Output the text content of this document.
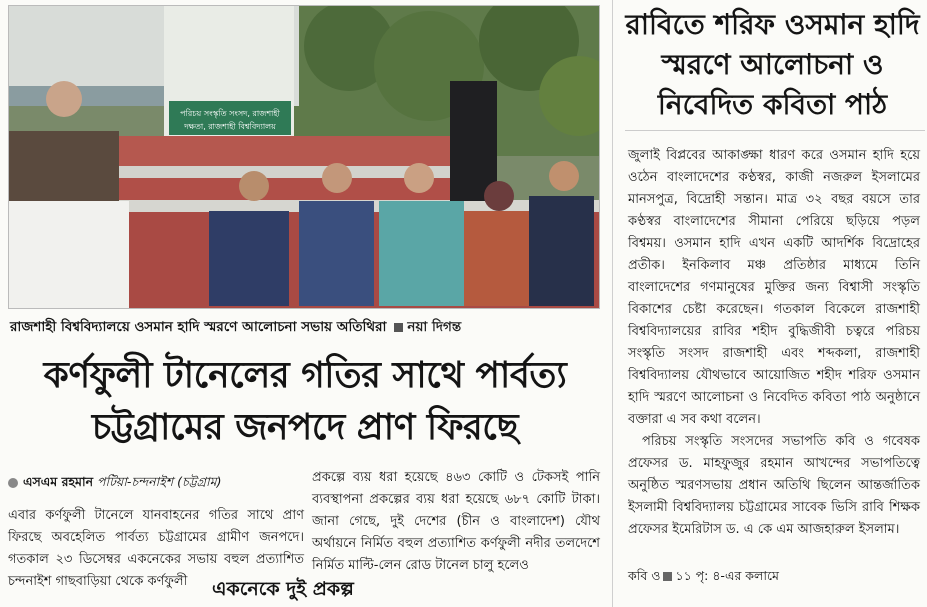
পরিচয় সংস্কৃতি সংসদ, রাজশাহী
দক্ষতা, রাজশাহী বিশ্ববিদ্যালয়
রাজশাহী বিশ্ববিদ্যালয়ে ওসমান হাদি স্মরণে আলোচনা সভায় অতিথিরা নয়া দিগন্ত
কর্ণফুলী টানেলের গতির সাথে পার্বত্য
চট্টগ্রামের জনপদে প্রাণ ফিরছে
এসএম রহমান পটিয়া-চন্দনাইশ (চট্টগ্রাম)
এবার কর্ণফুলী টানেলে যানবাহনের গতির সাথে প্রাণ ফিরছে অবহেলিত পার্বত্য চট্টগ্রামের গ্রামীণ জনপদে। গতকাল ২৩ ডিসেম্বর একনেকের সভায় বহুল প্রত্যাশিত চন্দনাইশ গাছবাড়িয়া থেকে কর্ণফুলী	একনেকে দুই প্রকল্প
প্রকল্পে ব্যয় ধরা হয়েছে ৪৬৩ কোটি ও টেকসই পানি ব্যবস্থাপনা প্রকল্পের ব্যয় ধরা হয়েছে ৬৮৭ কোটি টাকা। জানা গেছে, দুই দেশের (চীন ও বাংলাদেশ) যৌথ অর্থায়নে নির্মিত বহুল প্রত্যাশিত কর্ণফুলী নদীর তলদেশে নির্মিত মাল্টি-লেন রোড টানেল চালু হলেও
রাবিতে শরিফ ওসমান হাদি স্মরণে আলোচনা ও নিবেদিত কবিতা পাঠ

জুলাই বিপ্লবের আকাঙ্ক্ষা ধারণ করে ওসমান হাদি হয়ে ওঠেন বাংলাদেশের কণ্ঠস্বর, কাজী নজরুল ইসলামের মানসপুত্র, বিদ্রোহী সন্তান। মাত্র ৩২ বছর বয়সে তার কণ্ঠস্বর বাংলাদেশের সীমানা পেরিয়ে ছড়িয়ে পড়ল বিশ্বময়। ওসমান হাদি এখন একটি আদর্শিক বিদ্রোহের প্রতীক। ইনকিলাব মঞ্চ প্রতিষ্ঠার মাধ্যমে তিনি বাংলাদেশের গণমানুষের মুক্তির জন্য বিশ্বাসী সংস্কৃতি বিকাশের চেষ্টা করেছেন। গতকাল বিকেলে রাজশাহী বিশ্ববিদ্যালয়ের রাবির শহীদ বুদ্ধিজীবী চত্বরে পরিচয় সংস্কৃতি সংসদ রাজশাহী এবং শব্দকলা, রাজশাহী বিশ্ববিদ্যালয় যৌথভাবে আয়োজিত শহীদ শরিফ ওসমান হাদি স্মরণে আলোচনা ও নিবেদিত কবিতা পাঠ অনুষ্ঠানে বক্তারা এ সব কথা বলেন।

পরিচয় সংস্কৃতি সংসদের সভাপতি কবি ও গবেষক প্রফেসর ড. মাহফুজুর রহমান আখন্দের সভাপতিত্বে অনুষ্ঠিত স্মরণসভায় প্রধান অতিথি ছিলেন আন্তর্জাতিক ইসলামী বিশ্ববিদ্যালয় চট্টগ্রামের সাবেক ভিসি রাবি শিক্ষক প্রফেসর ইমেরিটাস ড. এ কে এম আজহারুল ইসলাম।

কবি ও ১১ পৃ: ৪-এর কলামে
